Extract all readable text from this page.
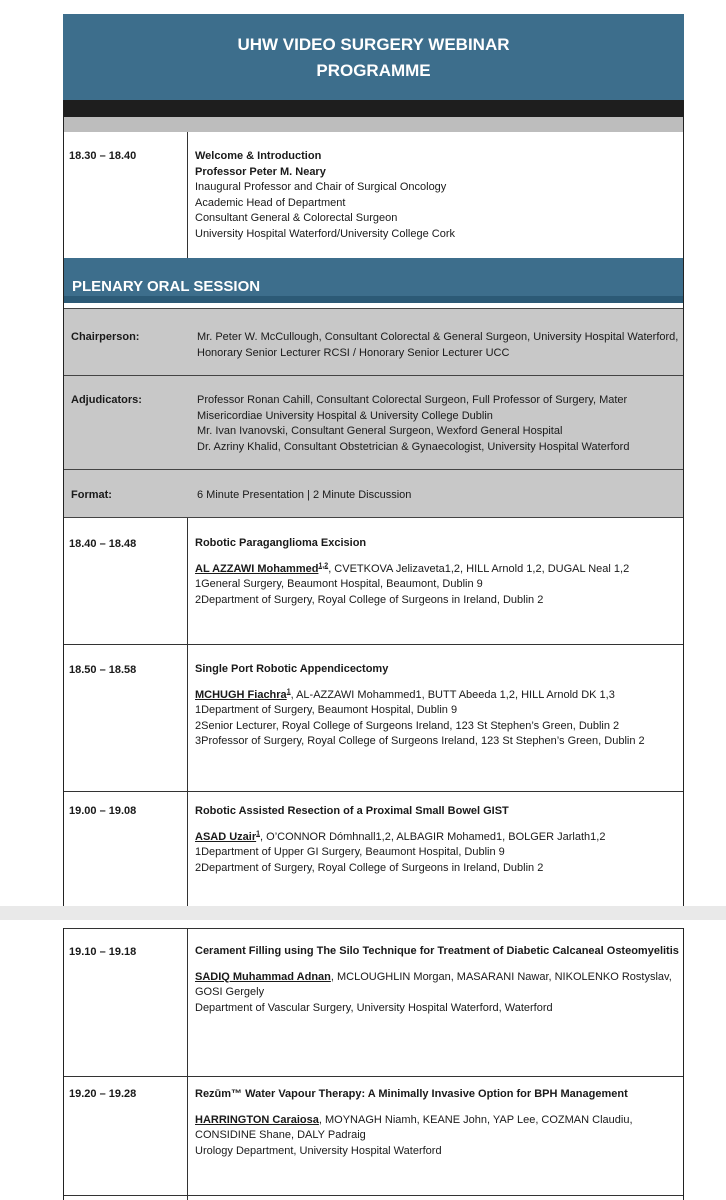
UHW VIDEO SURGERY WEBINAR
PROGRAMME
18.30 – 18.40	Welcome & Introduction
Professor Peter M. Neary
Inaugural Professor and Chair of Surgical Oncology
Academic Head of Department
Consultant General & Colorectal Surgeon
University Hospital Waterford/University College Cork
PLENARY ORAL SESSION
Chairperson:	Mr. Peter W. McCullough, Consultant Colorectal & General Surgeon, University Hospital Waterford, Honorary Senior Lecturer RCSI / Honorary Senior Lecturer UCC
Adjudicators:	Professor Ronan Cahill, Consultant Colorectal Surgeon, Full Professor of Surgery, Mater Misericordiae University Hospital & University College Dublin
Mr. Ivan Ivanovski, Consultant General Surgeon, Wexford General Hospital
Dr. Azriny Khalid, Consultant Obstetrician & Gynaecologist, University Hospital Waterford
Format:	6 Minute Presentation | 2 Minute Discussion
18.40 – 18.48	Robotic Paraganglioma Excision
AL AZZAWI Mohammed$^{1,2}$, CVETKOVA Jelizaveta1,2, HILL Arnold 1,2, DUGAL Neal 1,2
1General Surgery, Beaumont Hospital, Beaumont, Dublin 9
2Department of Surgery, Royal College of Surgeons in Ireland, Dublin 2
18.50 – 18.58	Single Port Robotic Appendicectomy
MCHUGH Fiachra$^1$, AL-AZZAWI Mohammed1, BUTT Abeeda 1,2, HILL Arnold DK 1,3
1Department of Surgery, Beaumont Hospital, Dublin 9
2Senior Lecturer, Royal College of Surgeons Ireland, 123 St Stephen’s Green, Dublin 2
3Professor of Surgery, Royal College of Surgeons Ireland, 123 St Stephen’s Green, Dublin 2
19.00 – 19.08	Robotic Assisted Resection of a Proximal Small Bowel GIST
ASAD Uzair$^1$, O’CONNOR Dómhnall1,2, ALBAGIR Mohamed1, BOLGER Jarlath1,2
1Department of Upper GI Surgery, Beaumont Hospital, Dublin 9
2Department of Surgery, Royal College of Surgeons in Ireland, Dublin 2
19.10 – 19.18	Cerament Filling using The Silo Technique for Treatment of Diabetic Calcaneal Osteomyelitis
SADIQ Muhammad Adnan, MCLOUGHLIN Morgan, MASARANI Nawar, NIKOLENKO Rostyslav, GOSI Gergely
Department of Vascular Surgery, University Hospital Waterford, Waterford
19.20 – 19.28	Rezūm™ Water Vapour Therapy: A Minimally Invasive Option for BPH Management
HARRINGTON Caraiosa, MOYNAGH Niamh, KEANE John, YAP Lee, COZMAN Claudiu, CONSIDINE Shane, DALY Padraig
Urology Department, University Hospital Waterford
